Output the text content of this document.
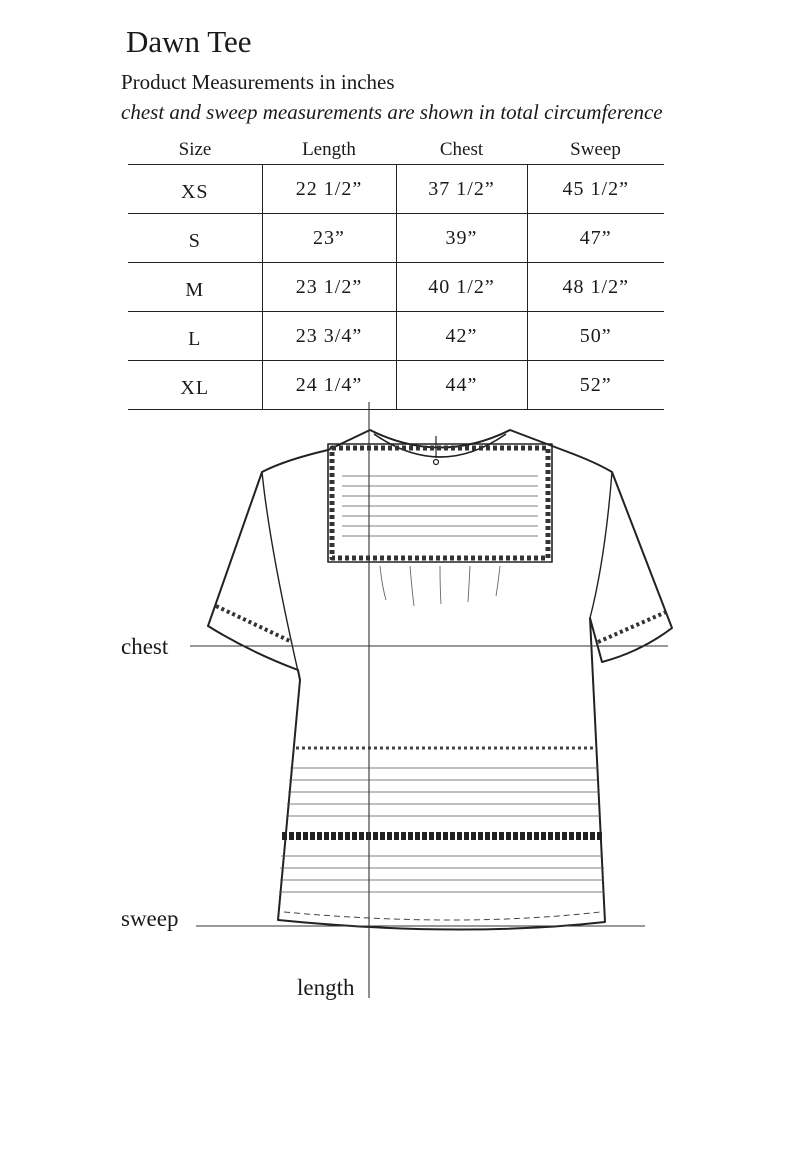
Dawn Tee
Product Measurements in inches
chest and sweep measurements are shown in total circumference
Size	Length	Chest	Sweep
XS	22 1/2”	37 1/2”	45 1/2”
S	23”	39”	47”
M	23 1/2”	40 1/2”	48 1/2”
L	23 3/4”	42”	50”
XL	24 1/4”	44”	52”
chest
sweep
length
